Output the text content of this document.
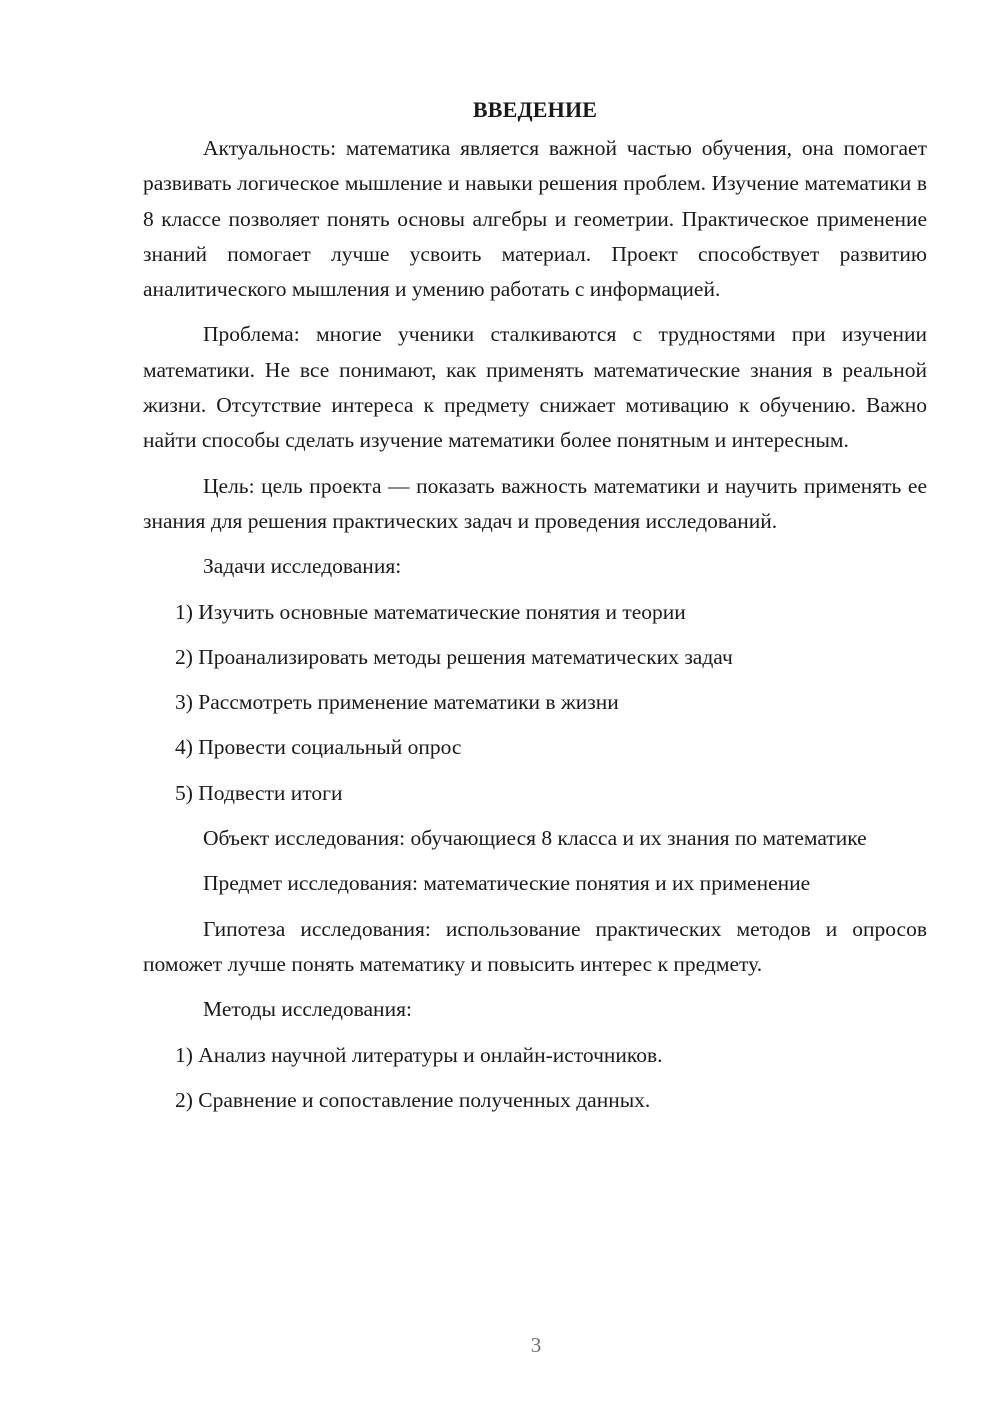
ВВЕДЕНИЕ

Актуальность: математика является важной частью обучения, она помогает развивать логическое мышление и навыки решения проблем. Изучение математики в 8 классе позволяет понять основы алгебры и геометрии. Практическое применение знаний помогает лучше усвоить материал. Проект способствует развитию аналитического мышления и умению работать с информацией.

Проблема: многие ученики сталкиваются с трудностями при изучении математики. Не все понимают, как применять математические знания в реальной жизни. Отсутствие интереса к предмету снижает мотивацию к обучению. Важно найти способы сделать изучение математики более понятным и интересным.

Цель: цель проекта — показать важность математики и научить применять ее знания для решения практических задач и проведения исследований.

Задачи исследования:
1) Изучить основные математические понятия и теории
2) Проанализировать методы решения математических задач
3) Рассмотреть применение математики в жизни
4) Провести социальный опрос
5) Подвести итоги

Объект исследования: обучающиеся 8 класса и их знания по математике

Предмет исследования: математические понятия и их применение

Гипотеза исследования: использование практических методов и опросов поможет лучше понять математику и повысить интерес к предмету.

Методы исследования:
1) Анализ научной литературы и онлайн-источников.
2) Сравнение и сопоставление полученных данных.
3
